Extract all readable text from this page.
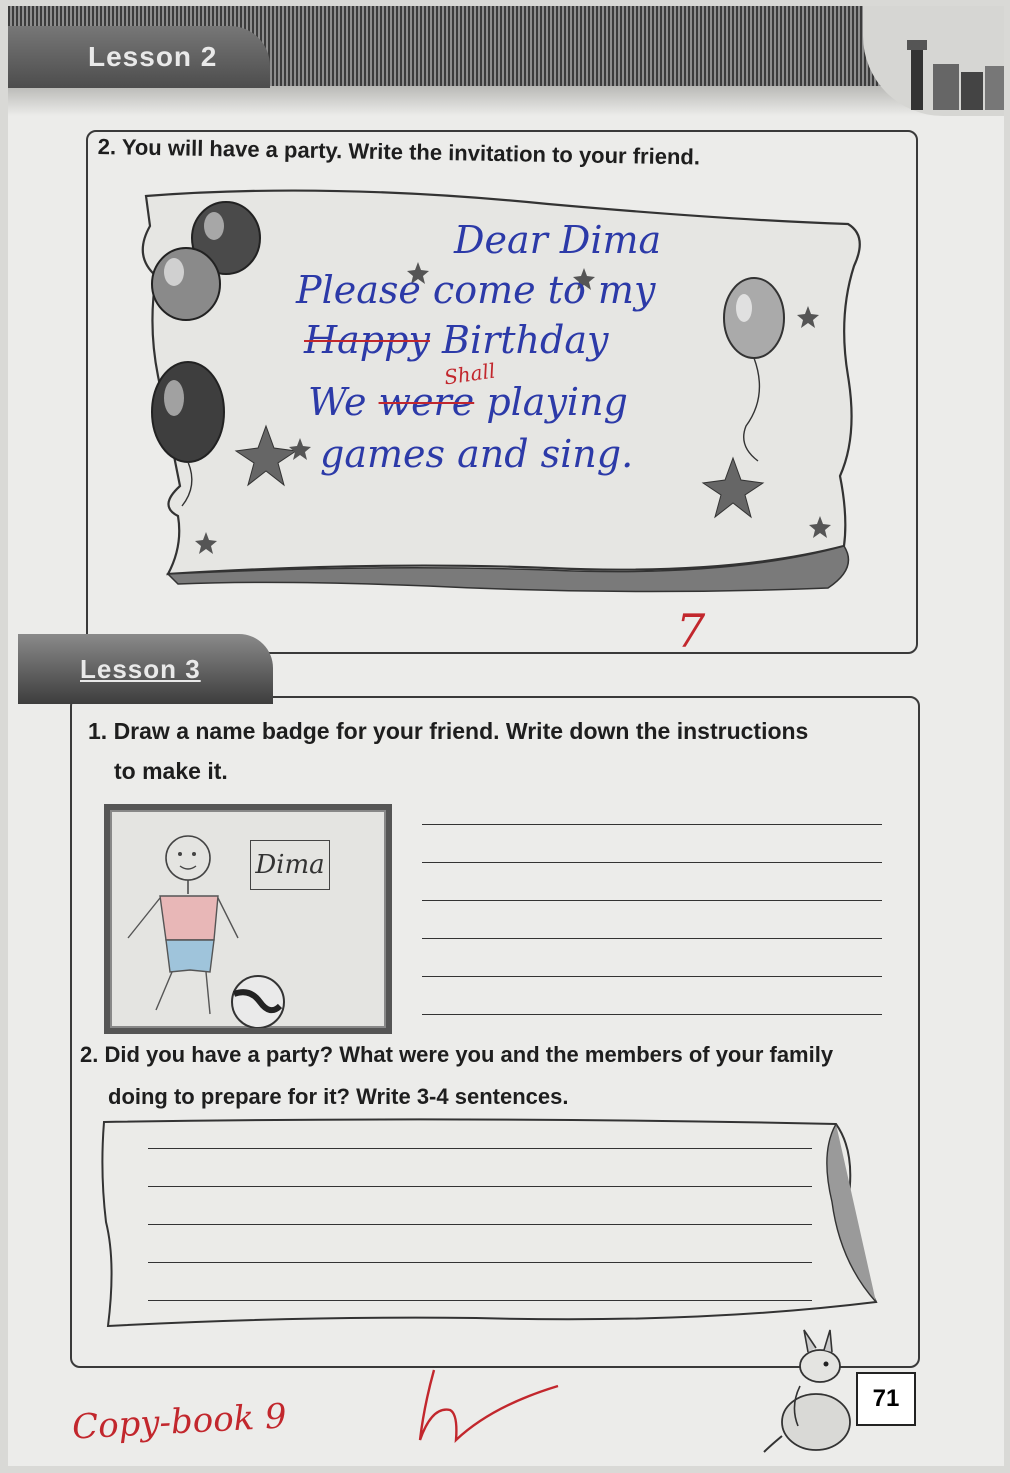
Lesson 2
2. You will have a party. Write the invitation to your friend.
Dear Dima
Please come to my
Happy Birthday
Shall
We were playing
games and sing.
7
Lesson 3
1. Draw a name badge for your friend. Write down the instructions
to make it.
Dima
2. Did you have a party? What were you and the members of your family
doing to prepare for it? Write 3-4 sentences.
71
Copy-book 9
